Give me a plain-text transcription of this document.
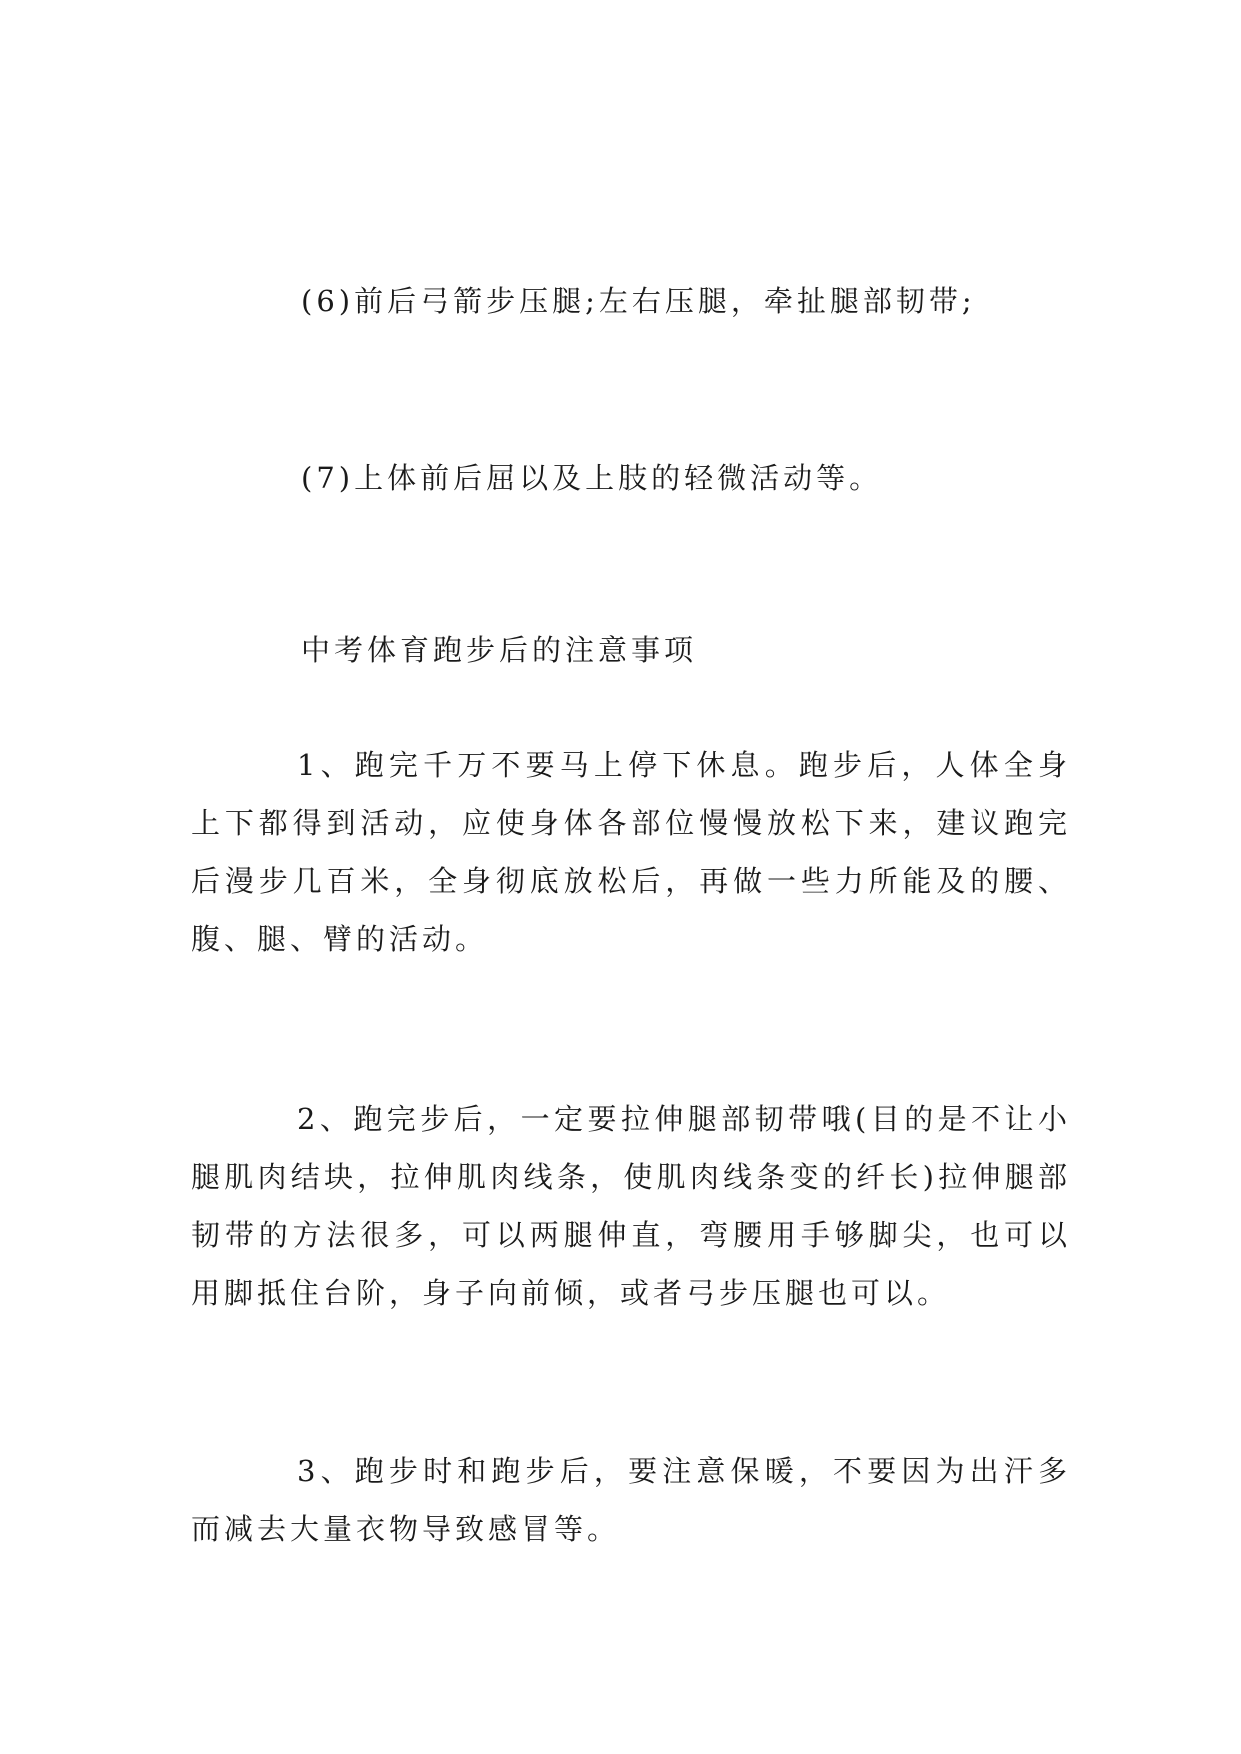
(6)前后弓箭步压腿;左右压腿，牵扯腿部韧带;
(7)上体前后屈以及上肢的轻微活动等。
中考体育跑步后的注意事项
1、跑完千万不要马上停下休息。跑步后，人体全身上下都得到活动，应使身体各部位慢慢放松下来，建议跑完后漫步几百米，全身彻底放松后，再做一些力所能及的腰、腹、腿、臂的活动。
2、跑完步后，一定要拉伸腿部韧带哦(目的是不让小腿肌肉结块，拉伸肌肉线条，使肌肉线条变的纤长)拉伸腿部韧带的方法很多，可以两腿伸直，弯腰用手够脚尖，也可以用脚抵住台阶，身子向前倾，或者弓步压腿也可以。
3、跑步时和跑步后，要注意保暖，不要因为出汗多而减去大量衣物导致感冒等。
